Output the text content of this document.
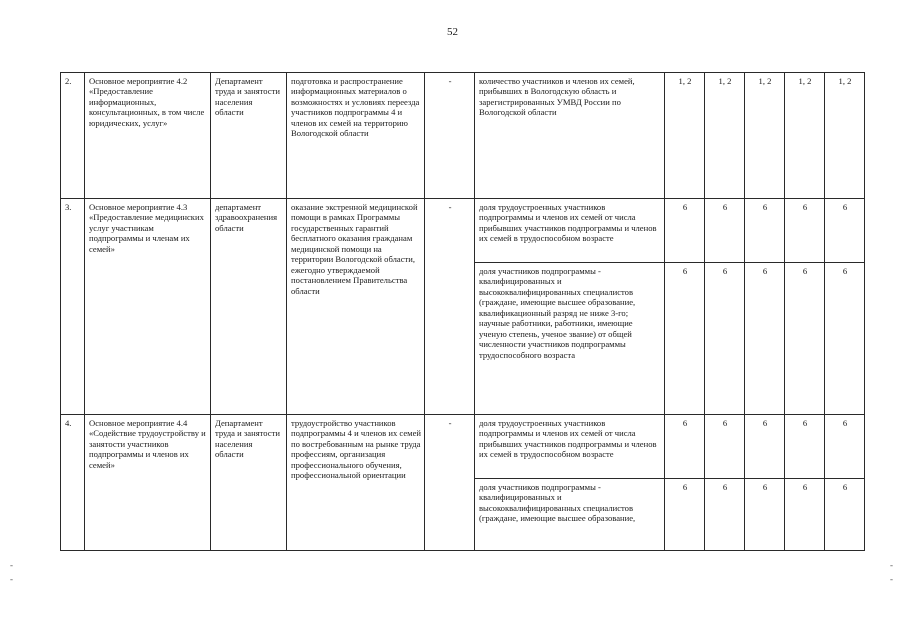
52
-
-
-
-
2.	Основное мероприятие 4.2 «Предоставление информационных, консультационных, в том числе юридических, услуг»	Департамент труда и занятости населения области	подготовка и распространение информационных материалов о возможностях и условиях переезда участников подпрограммы 4 и членов их семей на территорию Вологодской области	-	количество участников и членов их семей, прибывших в Вологодскую область и зарегистрированных УМВД России по Вологодской области	1, 2	1, 2	1, 2	1, 2	1, 2
3.	Основное мероприятие 4.3 «Предоставление медицинских услуг участникам подпрограммы и членам их семей»	департамент здравоохранения области	оказание экстренной медицинской помощи в рамках Программы государственных гарантий бесплатного оказания гражданам медицинской помощи на территории Вологодской области, ежегодно утверждаемой постановлением Правительства области	-	доля трудоустроенных участников подпрограммы и членов их семей от числа прибывших участников подпрограммы и членов их семей в трудоспособном возрасте	6	6	6	6	6
					доля участников подпрограммы - квалифицированных и высококвалифицированных специалистов (граждане, имеющие высшее образование, квалификационный разряд не ниже 3-го; научные работники, работники, имеющие ученую степень, ученое звание) от общей численности участников подпрограммы трудоспособного возраста	6	6	6	6	6
4.	Основное мероприятие 4.4 «Содействие трудоустройству и занятости участников подпрограммы и членов их семей»	Департамент труда и занятости населения области	трудоустройство участников подпрограммы 4 и членов их семей по востребованным на рынке труда профессиям, организация профессионального обучения, профессиональной ориентации	-	доля трудоустроенных участников подпрограммы и членов их семей от числа прибывших участников подпрограммы и членов их семей в трудоспособном возрасте	6	6	6	6	6
					доля участников подпрограммы - квалифицированных и высококвалифицированных специалистов (граждане, имеющие высшее образование,	6	6	6	6	6
